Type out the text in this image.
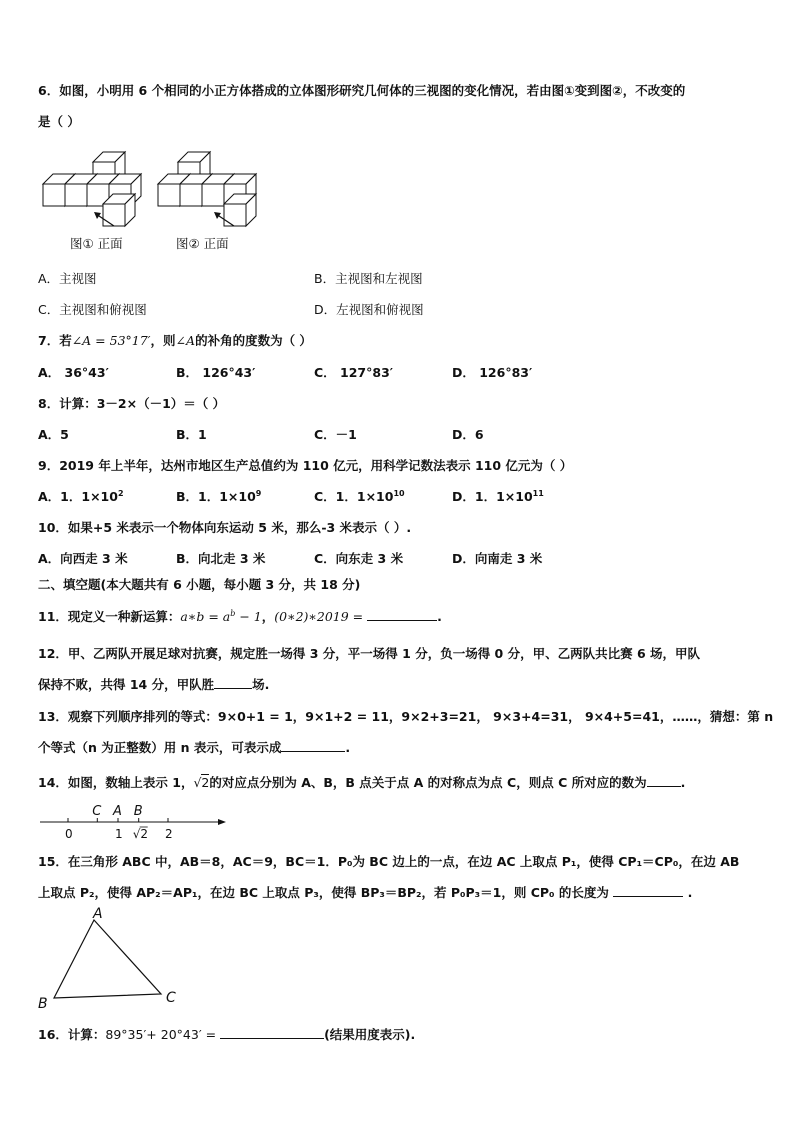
6．如图，小明用 6 个相同的小正方体搭成的立体图形研究几何体的三视图的变化情况，若由图①变到图②，不改变的
是（ ）
图① 正面	图② 正面
A．主视图	B．主视图和左视图
C．主视图和俯视图	D．左视图和俯视图
7．若∠A = 53°17′，则∠A的补角的度数为（ ）
A． 36°43′	B． 126°43′	C． 127°83′	D． 126°83′
8．计算：3－2×（－1）＝（ ）
A．5	B．1	C．－1	D．6
9．2019 年上半年，达州市地区生产总值约为 110 亿元，用科学记数法表示 110 亿元为（ ）
A．1．$1\times 10^2$	B．1．$1\times 10^9$	C．1．$1\times 10^{10}$	D．1．$1\times 10^{11}$
10．如果+5 米表示一个物体向东运动 5 米，那么-3 米表示（ ）.
A．向西走 3 米	B．向北走 3 米	C．向东走 3 米	D．向南走 3 米
二、填空题(本大题共有 6 小题，每小题 3 分，共 18 分)
11．现定义一种新运算：a∗b = $a^b - 1$，(0∗2)∗2019 =	.
12．甲、乙两队开展足球对抗赛，规定胜一场得 3 分，平一场得 1 分，负一场得 0 分，甲、乙两队共比赛 6 场，甲队
保持不败，共得 14 分，甲队胜	场.
13．观察下列顺序排列的等式：9×0+1 = 1，9×1+2 = 11，9×2+3=21， 9×3+4=31， 9×4+5=41，……，猜想：第 n
个等式（n 为正整数）用 n 表示，可表示成	.
14．如图，数轴上表示 1，√2的对应点分别为 A、B，B 点关于点 A 的对称点为点 C，则点 C 所对应的数为	.
0	1	2
C A B
√2
15．在三角形 ABC 中，AB＝8，AC＝9，BC＝1．P₀为 BC 边上的一点，在边 AC 上取点 P₁，使得 CP₁＝CP₀，在边 AB
上取点 P₂，使得 AP₂＝AP₁，在边 BC 上取点 P₃，使得 BP₃＝BP₂，若 P₀P₃＝1，则 CP₀ 的长度为	.
A
B	C
16．计算：89°35′+ 20°43′ =	(结果用度表示).
